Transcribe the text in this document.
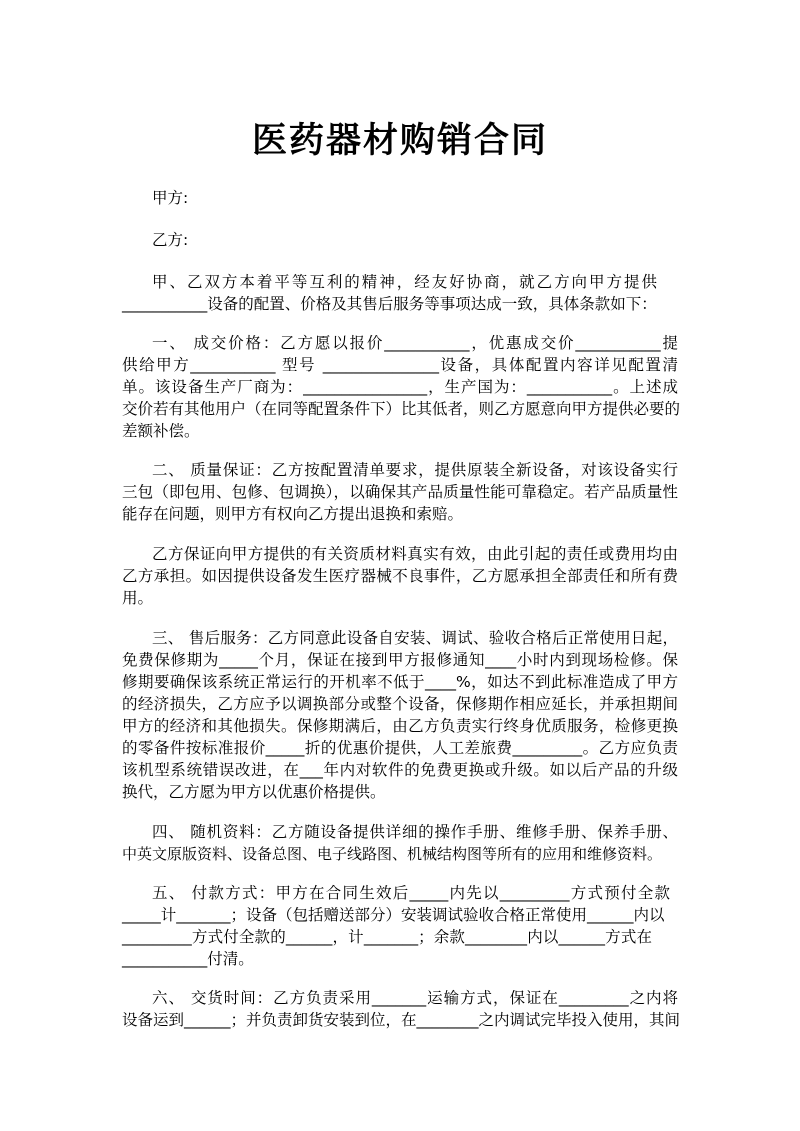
医药器材购销合同
甲方:
乙方:
甲、乙双方本着平等互利的精神，经友好协商，就乙方向甲方提供
___________设备的配置、价格及其售后服务等事项达成一致，具体条款如下：
一、 成交价格：乙方愿以报价___________，优惠成交价___________提
供给甲方___________ 型号 _______________设备，具体配置内容详见配置清
单。该设备生产厂商为：________________，生产国为：___________。上述成
交价若有其他用户（在同等配置条件下）比其低者，则乙方愿意向甲方提供必要的
差额补偿。
二、 质量保证：乙方按配置清单要求，提供原装全新设备，对该设备实行
三包（即包用、包修、包调换），以确保其产品质量性能可靠稳定。若产品质量性
能存在问题，则甲方有权向乙方提出退换和索赔。
乙方保证向甲方提供的有关资质材料真实有效，由此引起的责任或费用均由
乙方承担。如因提供设备发生医疗器械不良事件，乙方愿承担全部责任和所有费
用。
三、 售后服务：乙方同意此设备自安装、调试、验收合格后正常使用日起，
免费保修期为_____个月，保证在接到甲方报修通知____小时内到现场检修。保
修期要确保该系统正常运行的开机率不低于____%，如达不到此标准造成了甲方
的经济损失，乙方应予以调换部分或整个设备，保修期作相应延长，并承担期间
甲方的经济和其他损失。保修期满后，由乙方负责实行终身优质服务，检修更换
的零备件按标准报价_____折的优惠价提供，人工差旅费_________。乙方应负责
该机型系统错误改进，在___年内对软件的免费更换或升级。如以后产品的升级
换代，乙方愿为甲方以优惠价格提供。
四、 随机资料：乙方随设备提供详细的操作手册、维修手册、保养手册、
中英文原版资料、设备总图、电子线路图、机械结构图等所有的应用和维修资料。
五、 付款方式：甲方在合同生效后_____内先以_________方式预付全款
_____计_______；设备（包括赠送部分）安装调试验收合格正常使用______内以
_________方式付全款的______，计_______；余款________内以______方式在
___________付清。
六、 交货时间：乙方负责采用_______运输方式，保证在_________之内将
设备运到______；并负责卸货安装到位，在________之内调试完毕投入使用，其间
